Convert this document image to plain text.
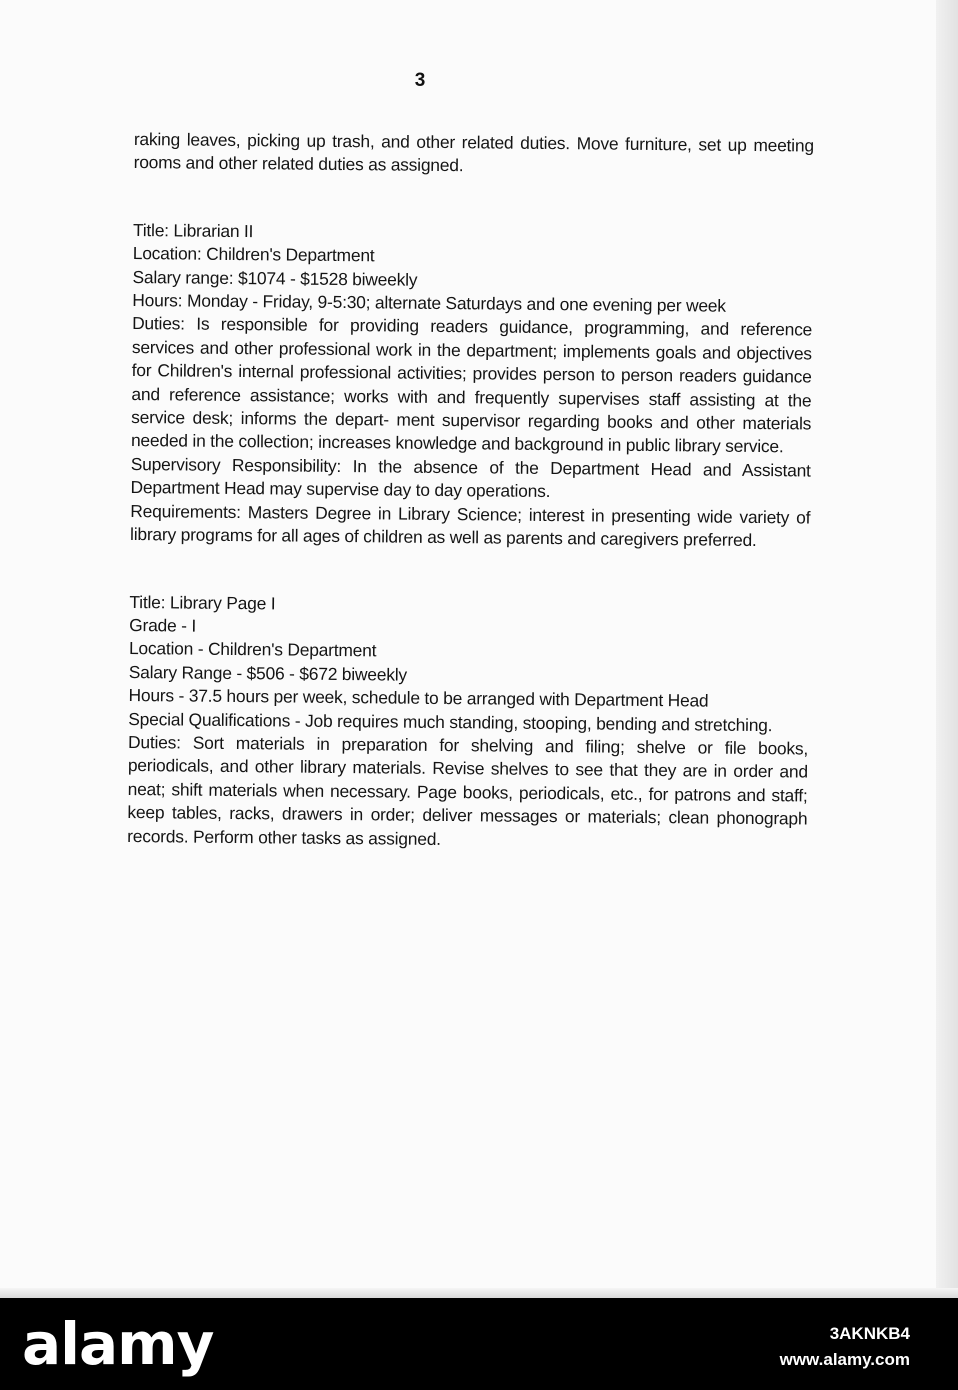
3

raking leaves, picking up trash, and other related duties. Move furniture, set up meeting rooms and other related duties as assigned.

Title: Librarian II

Location: Children's Department

Salary range: $1074 - $1528 biweekly

Hours: Monday - Friday, 9-5:30; alternate Saturdays and one evening per week

Duties: Is responsible for providing readers guidance, programming, and reference services and other professional work in the department; implements goals and objectives for Children's internal professional activities; provides person to person readers guidance and reference assistance; works with and frequently supervises staff assisting at the service desk; informs the depart- ment supervisor regarding books and other materials needed in the collection; increases knowledge and background in public library service.

Supervisory Responsibility: In the absence of the Department Head and Assistant Department Head may supervise day to day operations.

Requirements: Masters Degree in Library Science; interest in presenting wide variety of library programs for all ages of children as well as parents and caregivers preferred.

Title: Library Page I

Grade - I

Location - Children's Department

Salary Range - $506 - $672 biweekly

Hours - 37.5 hours per week, schedule to be arranged with Department Head

Special Qualifications - Job requires much standing, stooping, bending and stretching.

Duties: Sort materials in preparation for shelving and filing; shelve or file books, periodicals, and other library materials. Revise shelves to see that they are in order and neat; shift materials when necessary. Page books, periodicals, etc., for patrons and staff; keep tables, racks, drawers in order; deliver messages or materials; clean phonograph records. Perform other tasks as assigned.

alamy	3AKNKB4
www.alamy.com
